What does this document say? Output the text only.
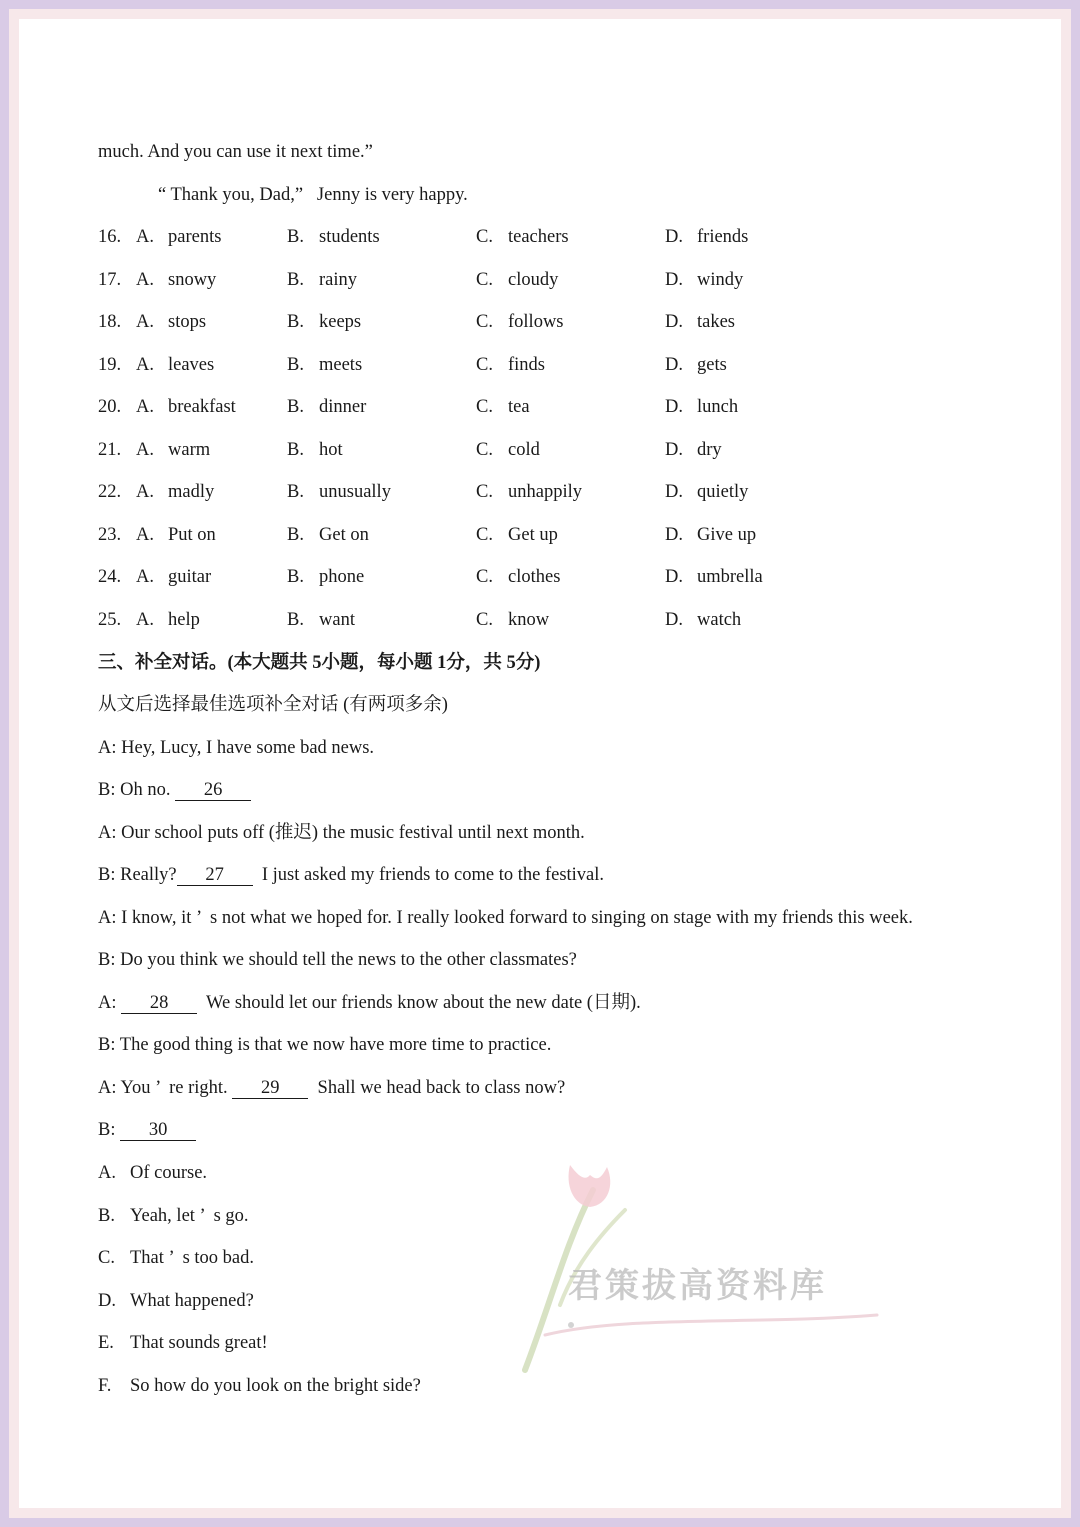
much. And you can use it next time.”
“ Thank you, Dad,”   Jenny is very happy.
16. A. parents	B. students	C. teachers	D. friends
17. A. snowy	B. rainy	C. cloudy	D. windy
18. A. stops	B. keeps	C. follows	D. takes
19. A. leaves	B. meets	C. finds	D. gets
20. A. breakfast	B. dinner	C. tea	D. lunch
21. A. warm	B. hot	C. cold	D. dry
22. A. madly	B. unusually	C. unhappily	D. quietly
23. A. Put on	B. Get on	C. Get up	D. Give up
24. A. guitar	B. phone	C. clothes	D. umbrella
25. A. help	B. want	C. know	D. watch
三、补全对话。(本大题共 5小题，每小题 1分，共 5分)
从文后选择最佳选项补全对话 (有两项多余)
A: Hey, Lucy, I have some bad news.
B: Oh no. 26
A: Our school puts off (推迟) the music festival until next month.
B: Really? 27  I just asked my friends to come to the festival.
A: I know, it ’  s not what we hoped for. I really looked forward to singing on stage with my friends this week.
B: Do you think we should tell the news to the other classmates?
A: 28  We should let our friends know about the new date (日期).
B: The good thing is that we now have more time to practice.
A: You ’  re right. 29  Shall we head back to class now?
B: 30
A. Of course.
B. Yeah, let ’  s go.
C. That ’  s too bad.
D. What happened?
E. That sounds great!
F. So how do you look on the bright side?
君策拔高资料库
